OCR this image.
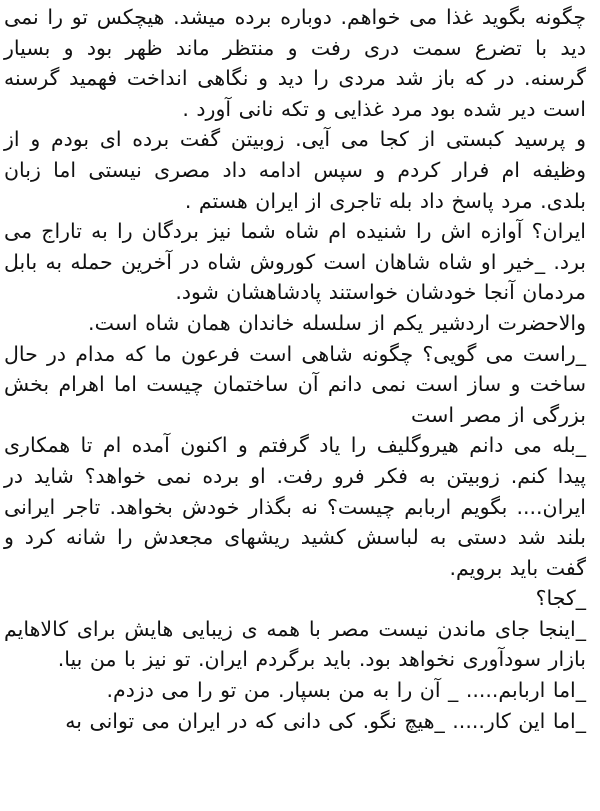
چگونه بگوید غذا می خواهم. دوباره برده میشد. هیچکس تو را نمی دید با تضرع سمت دری رفت و منتظر ماند ظهر بود و بسیار گرسنه. در که باز شد مردی را دید و نگاهی انداخت فهمید گرسنه است دیر شده بود مرد غذایی و تکه نانی آورد .

و پرسید کبستی از کجا می آیی. زوبیتن گفت برده ای بودم و از وظیفه ام فرار کردم و سپس ادامه داد مصری نیستی اما زبان بلدی. مرد پاسخ داد بله تاجری از ایران هستم .

ایران؟ آوازه اش را شنیده ام شاه شما نیز بردگان را به تاراج می برد. _خیر او شاه شاهان است کوروش شاه در آخرین حمله به بابل مردمان آنجا خودشان خواستند پادشاهشان شود.

والاحضرت اردشیر یکم از سلسله خاندان همان شاه است.

_راست می گویی؟ چگونه شاهی است فرعون ما که مدام در حال ساخت و ساز است نمی دانم آن ساختمان چیست اما اهرام بخش بزرگی از مصر است

_بله می دانم هیروگلیف را یاد گرفتم و اکنون آمده ام تا همکاری پیدا کنم. زوبیتن به فکر فرو رفت. او برده نمی خواهد؟ شاید در ایران.... بگویم اربابم چیست؟ نه بگذار خودش بخواهد. تاجر ایرانی بلند شد دستی به لباسش کشید ریشهای مجعدش را شانه کرد و گفت باید برویم.

_کجا؟

_اینجا جای ماندن نیست مصر با همه ی زیبایی هایش برای کالاهایم بازار سودآوری نخواهد بود. باید برگردم ایران. تو نیز با من بیا.

_اما اربابم..... _ آن را به من بسپار. من تو را می دزدم.

_اما این کار..... _هیچ نگو. کی دانی که در ایران می توانی به
